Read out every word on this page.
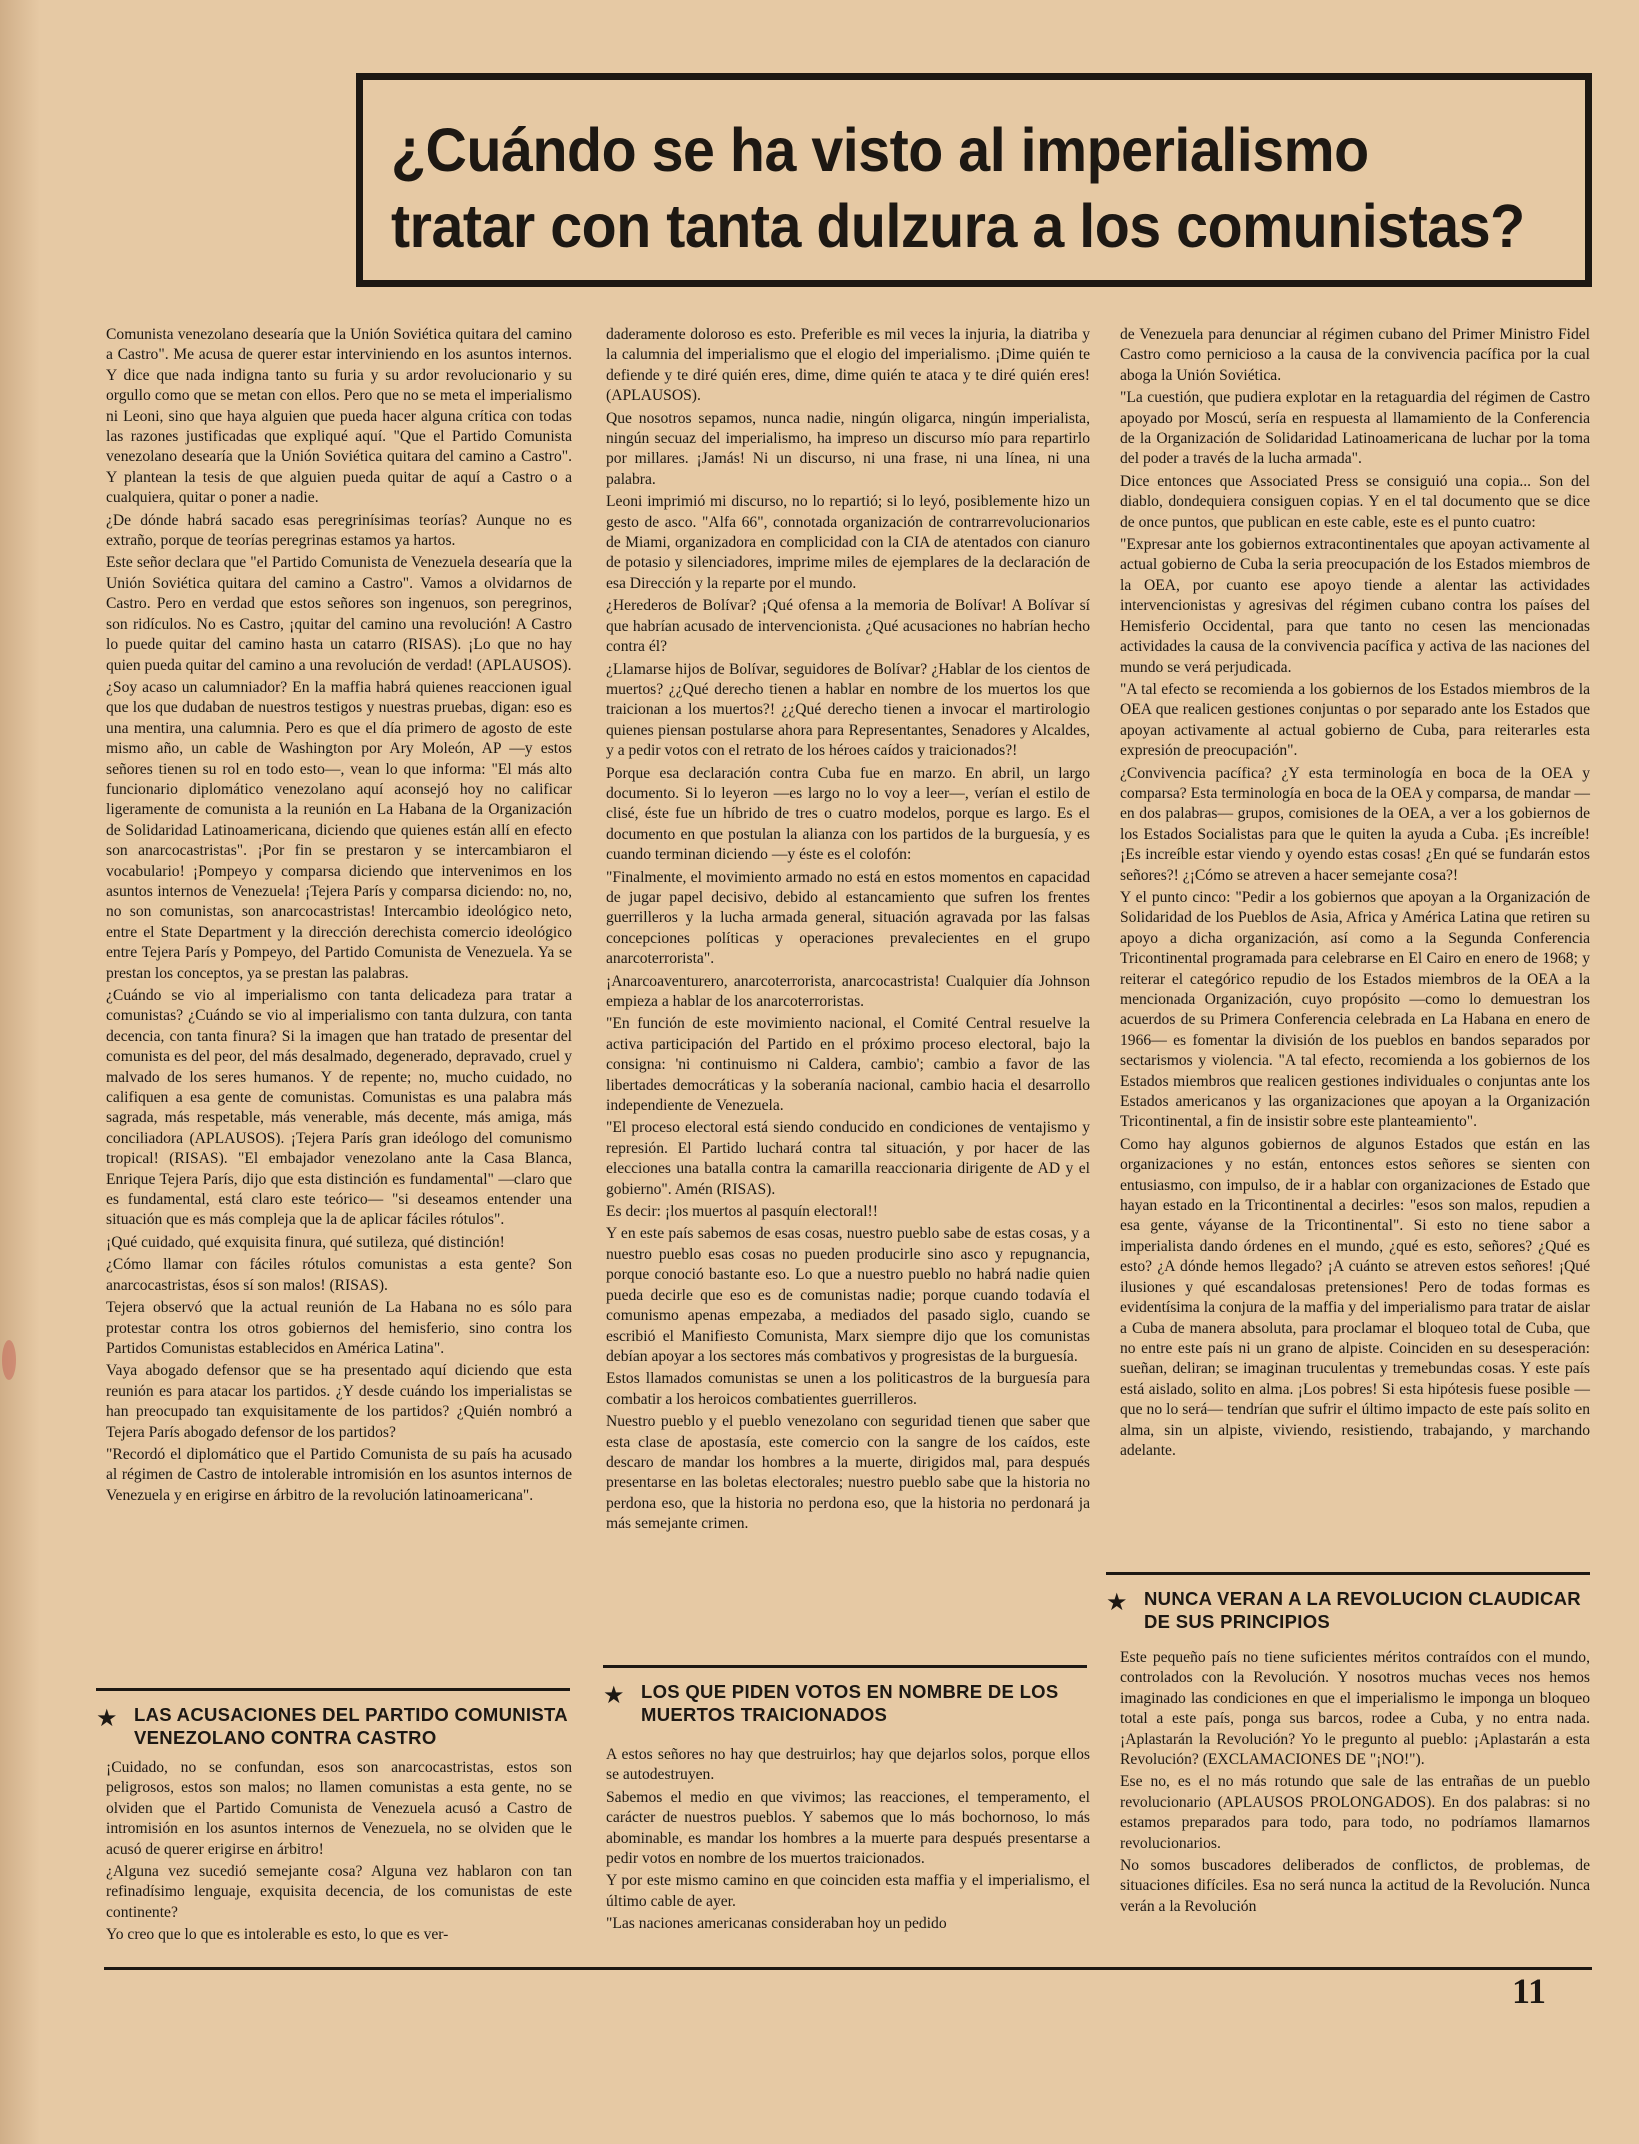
¿Cuándo se ha visto al imperialismo
tratar con tanta dulzura a los comunistas?

Comunista venezolano desearía que la Unión Soviética quitara del camino a Castro". Me acusa de querer estar interviniendo en los asuntos internos. Y dice que nada indigna tanto su furia y su ardor revolucionario y su orgullo como que se metan con ellos. Pero que no se meta el imperialismo ni Leoni, sino que haya alguien que pueda hacer alguna crítica con todas las razones justificadas que expliqué aquí. "Que el Partido Comunista venezolano desearía que la Unión Soviética quitara del camino a Castro". Y plantean la tesis de que alguien pueda quitar de aquí a Castro o a cualquiera, quitar o poner a nadie.

¿De dónde habrá sacado esas peregrinísimas teorías? Aunque no es extraño, porque de teorías peregrinas estamos ya hartos.

Este señor declara que "el Partido Comunista de Venezuela desearía que la Unión Soviética quitara del camino a Castro". Vamos a olvidarnos de Castro. Pero en verdad que estos señores son ingenuos, son peregrinos, son ridículos. No es Castro, ¡quitar del camino una revolución! A Castro lo puede quitar del camino hasta un catarro (RISAS). ¡Lo que no hay quien pueda quitar del camino a una revolución de verdad! (APLAUSOS).

¿Soy acaso un calumniador? En la maffia habrá quienes reaccionen igual que los que dudaban de nuestros testigos y nuestras pruebas, digan: eso es una mentira, una calumnia. Pero es que el día primero de agosto de este mismo año, un cable de Washington por Ary Moleón, AP —y estos señores tienen su rol en todo esto—, vean lo que informa: "El más alto funcionario diplomático venezolano aquí aconsejó hoy no calificar ligeramente de comunista a la reunión en La Habana de la Organización de Solidaridad Latinoamericana, diciendo que quienes están allí en efecto son anarcocastristas". ¡Por fin se prestaron y se intercambiaron el vocabulario! ¡Pompeyo y comparsa diciendo que intervenimos en los asuntos internos de Venezuela! ¡Tejera París y comparsa diciendo: no, no, no son comunistas, son anarcocastristas! Intercambio ideológico neto, entre el State Department y la dirección derechista comercio ideológico entre Tejera París y Pompeyo, del Partido Comunista de Venezuela. Ya se prestan los conceptos, ya se prestan las palabras.

¿Cuándo se vio al imperialismo con tanta delicadeza para tratar a comunistas? ¿Cuándo se vio al imperialismo con tanta dulzura, con tanta decencia, con tanta finura? Si la imagen que han tratado de presentar del comunista es del peor, del más desalmado, degenerado, depravado, cruel y malvado de los seres humanos. Y de repente; no, mucho cuidado, no califiquen a esa gente de comunistas. Comunistas es una palabra más sagrada, más respetable, más venerable, más decente, más amiga, más conciliadora (APLAUSOS). ¡Tejera París gran ideólogo del comunismo tropical! (RISAS). "El embajador venezolano ante la Casa Blanca, Enrique Tejera París, dijo que esta distinción es fundamental" —claro que es fundamental, está claro este teórico— "si deseamos entender una situación que es más compleja que la de aplicar fáciles rótulos".

¡Qué cuidado, qué exquisita finura, qué sutileza, qué distinción!

¿Cómo llamar con fáciles rótulos comunistas a esta gente? Son anarcocastristas, ésos sí son malos! (RISAS).

Tejera observó que la actual reunión de La Habana no es sólo para protestar contra los otros gobiernos del hemisferio, sino contra los Partidos Comunistas establecidos en América Latina".

Vaya abogado defensor que se ha presentado aquí diciendo que esta reunión es para atacar los partidos. ¿Y desde cuándo los imperialistas se han preocupado tan exquisitamente de los partidos? ¿Quién nombró a Tejera París abogado defensor de los partidos?

"Recordó el diplomático que el Partido Comunista de su país ha acusado al régimen de Castro de intolerable intromisión en los asuntos internos de Venezuela y en erigirse en árbitro de la revolución latinoamericana".

daderamente doloroso es esto. Preferible es mil veces la injuria, la diatriba y la calumnia del imperialismo que el elogio del imperialismo. ¡Dime quién te defiende y te diré quién eres, dime, dime quién te ataca y te diré quién eres! (APLAUSOS).

Que nosotros sepamos, nunca nadie, ningún oligarca, ningún imperialista, ningún secuaz del imperialismo, ha impreso un discurso mío para repartirlo por millares. ¡Jamás! Ni un discurso, ni una frase, ni una línea, ni una palabra.

Leoni imprimió mi discurso, no lo repartió; si lo leyó, posiblemente hizo un gesto de asco. "Alfa 66", connotada organización de contrarrevolucionarios de Miami, organizadora en complicidad con la CIA de atentados con cianuro de potasio y silenciadores, imprime miles de ejemplares de la declaración de esa Dirección y la reparte por el mundo.

¿Herederos de Bolívar? ¡Qué ofensa a la memoria de Bolívar! A Bolívar sí que habrían acusado de intervencionista. ¿Qué acusaciones no habrían hecho contra él?

¿Llamarse hijos de Bolívar, seguidores de Bolívar? ¿Hablar de los cientos de muertos? ¿¿Qué derecho tienen a hablar en nombre de los muertos los que traicionan a los muertos?! ¿¿Qué derecho tienen a invocar el martirologio quienes piensan postularse ahora para Representantes, Senadores y Alcaldes, y a pedir votos con el retrato de los héroes caídos y traicionados?!

Porque esa declaración contra Cuba fue en marzo. En abril, un largo documento. Si lo leyeron —es largo no lo voy a leer—, verían el estilo de clisé, éste fue un híbrido de tres o cuatro modelos, porque es largo. Es el documento en que postulan la alianza con los partidos de la burguesía, y es cuando terminan diciendo —y éste es el colofón:

"Finalmente, el movimiento armado no está en estos momentos en capacidad de jugar papel decisivo, debido al estancamiento que sufren los frentes guerrilleros y la lucha armada general, situación agravada por las falsas concepciones políticas y operaciones prevalecientes en el grupo anarcoterrorista".

¡Anarcoaventurero, anarcoterrorista, anarcocastrista! Cualquier día Johnson empieza a hablar de los anarcoterroristas.

"En función de este movimiento nacional, el Comité Central resuelve la activa participación del Partido en el próximo proceso electoral, bajo la consigna: 'ni continuismo ni Caldera, cambio'; cambio a favor de las libertades democráticas y la soberanía nacional, cambio hacia el desarrollo independiente de Venezuela.

"El proceso electoral está siendo conducido en condiciones de ventajismo y represión. El Partido luchará contra tal situación, y por hacer de las elecciones una batalla contra la camarilla reaccionaria dirigente de AD y el gobierno". Amén (RISAS).

Es decir: ¡los muertos al pasquín electoral!!

Y en este país sabemos de esas cosas, nuestro pueblo sabe de estas cosas, y a nuestro pueblo esas cosas no pueden producirle sino asco y repugnancia, porque conoció bastante eso. Lo que a nuestro pueblo no habrá nadie quien pueda decirle que eso es de comunistas nadie; porque cuando todavía el comunismo apenas empezaba, a mediados del pasado siglo, cuando se escribió el Manifiesto Comunista, Marx siempre dijo que los comunistas debían apoyar a los sectores más combativos y progresistas de la burguesía.

Estos llamados comunistas se unen a los politicastros de la burguesía para combatir a los heroicos combatientes guerrilleros.

Nuestro pueblo y el pueblo venezolano con seguridad tienen que saber que esta clase de apostasía, este comercio con la sangre de los caídos, este descaro de mandar los hombres a la muerte, dirigidos mal, para después presentarse en las boletas electorales; nuestro pueblo sabe que la historia no perdona eso, que la historia no perdona eso, que la historia no perdonará ja más semejante crimen.

de Venezuela para denunciar al régimen cubano del Primer Ministro Fidel Castro como pernicioso a la causa de la convivencia pacífica por la cual aboga la Unión Soviética.

"La cuestión, que pudiera explotar en la retaguardia del régimen de Castro apoyado por Moscú, sería en respuesta al llamamiento de la Conferencia de la Organización de Solidaridad Latinoamericana de luchar por la toma del poder a través de la lucha armada".

Dice entonces que Associated Press se consiguió una copia... Son del diablo, dondequiera consiguen copias. Y en el tal documento que se dice de once puntos, que publican en este cable, este es el punto cuatro:

"Expresar ante los gobiernos extracontinentales que apoyan activamente al actual gobierno de Cuba la seria preocupación de los Estados miembros de la OEA, por cuanto ese apoyo tiende a alentar las actividades intervencionistas y agresivas del régimen cubano contra los países del Hemisferio Occidental, para que tanto no cesen las mencionadas actividades la causa de la convivencia pacífica y activa de las naciones del mundo se verá perjudicada.

"A tal efecto se recomienda a los gobiernos de los Estados miembros de la OEA que realicen gestiones conjuntas o por separado ante los Estados que apoyan activamente al actual gobierno de Cuba, para reiterarles esta expresión de preocupación".

¿Convivencia pacífica? ¿Y esta terminología en boca de la OEA y comparsa? Esta terminología en boca de la OEA y comparsa, de mandar —en dos palabras— grupos, comisiones de la OEA, a ver a los gobiernos de los Estados Socialistas para que le quiten la ayuda a Cuba. ¡Es increíble! ¡Es increíble estar viendo y oyendo estas cosas! ¿En qué se fundarán estos señores?! ¿¡Cómo se atreven a hacer semejante cosa?!

Y el punto cinco: "Pedir a los gobiernos que apoyan a la Organización de Solidaridad de los Pueblos de Asia, Africa y América Latina que retiren su apoyo a dicha organización, así como a la Segunda Conferencia Tricontinental programada para celebrarse en El Cairo en enero de 1968; y reiterar el categórico repudio de los Estados miembros de la OEA a la mencionada Organización, cuyo propósito —como lo demuestran los acuerdos de su Primera Conferencia celebrada en La Habana en enero de 1966— es fomentar la división de los pueblos en bandos separados por sectarismos y violencia. "A tal efecto, recomienda a los gobiernos de los Estados miembros que realicen gestiones individuales o conjuntas ante los Estados americanos y las organizaciones que apoyan a la Organización Tricontinental, a fin de insistir sobre este planteamiento".

Como hay algunos gobiernos de algunos Estados que están en las organizaciones y no están, entonces estos señores se sienten con entusiasmo, con impulso, de ir a hablar con organizaciones de Estado que hayan estado en la Tricontinental a decirles: "esos son malos, repudien a esa gente, váyanse de la Tricontinental". Si esto no tiene sabor a imperialista dando órdenes en el mundo, ¿qué es esto, señores? ¿Qué es esto? ¿A dónde hemos llegado? ¡A cuánto se atreven estos señores! ¡Qué ilusiones y qué escandalosas pretensiones! Pero de todas formas es evidentísima la conjura de la maffia y del imperialismo para tratar de aislar a Cuba de manera absoluta, para proclamar el bloqueo total de Cuba, que no entre este país ni un grano de alpiste. Coinciden en su desesperación: sueñan, deliran; se imaginan truculentas y tremebundas cosas. Y este país está aislado, solito en alma. ¡Los pobres! Si esta hipótesis fuese posible —que no lo será— tendrían que sufrir el último impacto de este país solito en alma, sin un alpiste, viviendo, resistiendo, trabajando, y marchando adelante.

★ LAS ACUSACIONES DEL PARTIDO COMUNISTA VENEZOLANO CONTRA CASTRO
★ LOS QUE PIDEN VOTOS EN NOMBRE DE LOS MUERTOS TRAICIONADOS
★ NUNCA VERAN A LA REVOLUCION CLAUDICAR DE SUS PRINCIPIOS

¡Cuidado, no se confundan, esos son anarcocastristas, estos son peligrosos, estos son malos; no llamen comunistas a esta gente, no se olviden que el Partido Comunista de Venezuela acusó a Castro de intromisión en los asuntos internos de Venezuela, no se olviden que le acusó de querer erigirse en árbitro!

¿Alguna vez sucedió semejante cosa? Alguna vez hablaron con tan refinadísimo lenguaje, exquisita decencia, de los comunistas de este continente?

Yo creo que lo que es intolerable es esto, lo que es ver-

A estos señores no hay que destruirlos; hay que dejarlos solos, porque ellos se autodestruyen.

Sabemos el medio en que vivimos; las reacciones, el temperamento, el carácter de nuestros pueblos. Y sabemos que lo más bochornoso, lo más abominable, es mandar los hombres a la muerte para después presentarse a pedir votos en nombre de los muertos traicionados.

Y por este mismo camino en que coinciden esta maffia y el imperialismo, el último cable de ayer.

"Las naciones americanas consideraban hoy un pedido

Este pequeño país no tiene suficientes méritos contraídos con el mundo, controlados con la Revolución. Y nosotros muchas veces nos hemos imaginado las condiciones en que el imperialismo le imponga un bloqueo total a este país, ponga sus barcos, rodee a Cuba, y no entra nada. ¡Aplastarán la Revolución? Yo le pregunto al pueblo: ¡Aplastarán a esta Revolución? (EXCLAMACIONES DE "¡NO!").

Ese no, es el no más rotundo que sale de las entrañas de un pueblo revolucionario (APLAUSOS PROLONGADOS). En dos palabras: si no estamos preparados para todo, para todo, no podríamos llamarnos revolucionarios.

No somos buscadores deliberados de conflictos, de problemas, de situaciones difíciles. Esa no será nunca la actitud de la Revolución. Nunca verán a la Revolución

11
